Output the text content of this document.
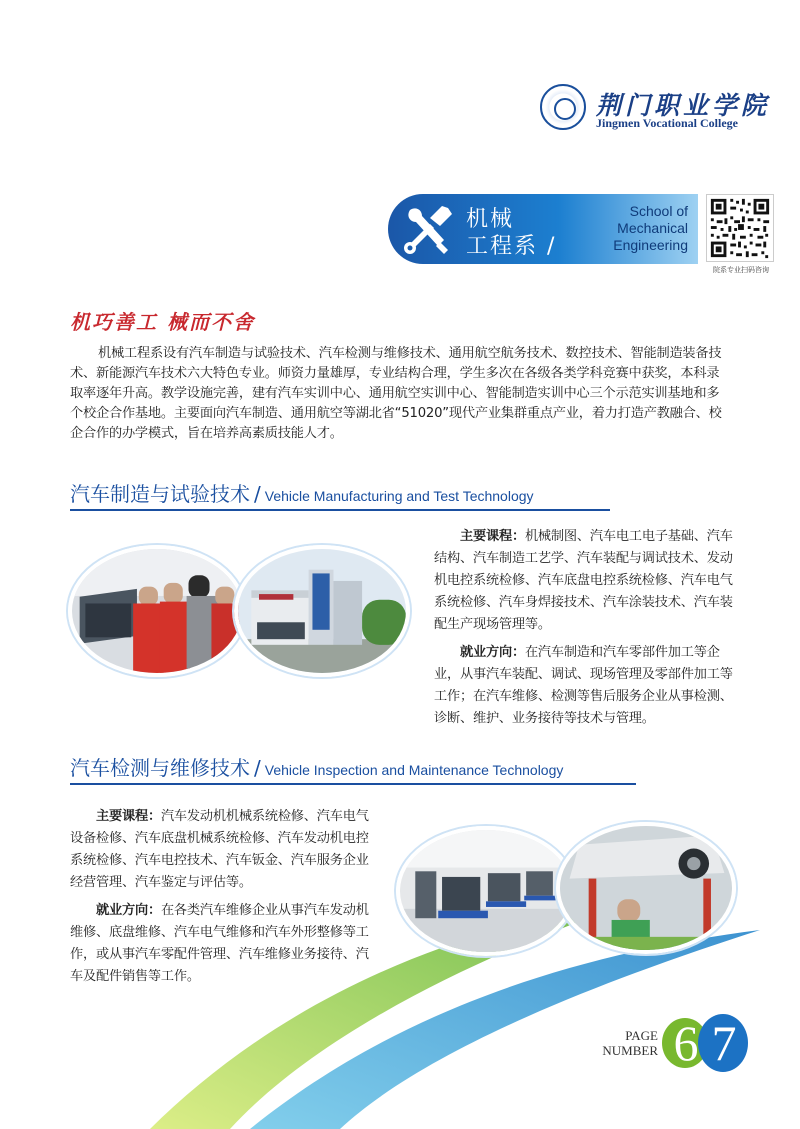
荆门职业学院
Jingmen Vocational College
机械
工程系 /
School of Mechanical Engineering
院系专业扫码咨询
机巧善工 械而不舍
机械工程系设有汽车制造与试验技术、汽车检测与维修技术、通用航空航务技术、数控技术、智能制造装备技术、新能源汽车技术六大特色专业。师资力量雄厚，专业结构合理，学生多次在各级各类学科竞赛中获奖，本科录取率逐年升高。教学设施完善，建有汽车实训中心、通用航空实训中心、智能制造实训中心三个示范实训基地和多个校企合作基地。主要面向汽车制造、通用航空等湖北省“51020”现代产业集群重点产业，着力打造产教融合、校企合作的办学模式，旨在培养高素质技能人才。
汽车制造与试验技术 / Vehicle Manufacturing and Test Technology
主要课程：机械制图、汽车电工电子基础、汽车结构、汽车制造工艺学、汽车装配与调试技术、发动机电控系统检修、汽车底盘电控系统检修、汽车电气系统检修、汽车身焊接技术、汽车涂装技术、汽车装配生产现场管理等。
就业方向：在汽车制造和汽车零部件加工等企业，从事汽车装配、调试、现场管理及零部件加工等工作；在汽车维修、检测等售后服务企业从事检测、诊断、维护、业务接待等技术与管理。
汽车检测与维修技术 / Vehicle Inspection and Maintenance Technology
主要课程：汽车发动机机械系统检修、汽车电气设备检修、汽车底盘机械系统检修、汽车发动机电控系统检修、汽车电控技术、汽车钣金、汽车服务企业经营管理、汽车鉴定与评估等。
就业方向：在各类汽车维修企业从事汽车发动机维修、底盘维修、汽车电气维修和汽车外形整修等工作，或从事汽车零配件管理、汽车维修业务接待、汽车及配件销售等工作。
PAGE
NUMBER 6 7
